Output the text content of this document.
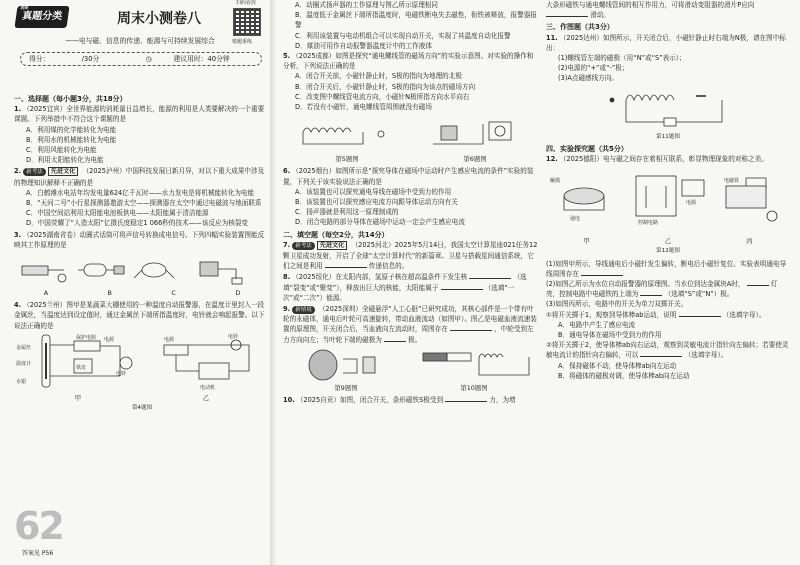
名师
真题分类	周末小测卷八
扫码看放
错题重练
——电与磁、信息的传递、能源与可持续发展综合
得分：　　	/30分	◷	建议用时：40分钟
一、选择题（每小题3分，共18分）
1. （2025宜宾）全世界能源的消耗量日益增长，能源的利用是人类要解决的一个重要课题。下列举措中不符合这个课题的是
A．利用煤的化学能转化为电能
B．利用水的机械能转化为电能
C．利用风能转化为电能
D．利用太阳能转化为电能
2. 新考法 先进文化 （2025泸州）中国科技发展日新月异，对以下重大成果中涉及的物理知识解释不正确的是
A．白鹤滩水电站年均发电量624亿千瓦时——水力发电是将机械能转化为电能
B．“天问二号”小行星探测器遨游太空——探测器在太空中通过电磁波与地面联系
C．中国空间站利用太阳能电池板供电——太阳能属于清洁能源
D．中国荧耀了“人造太阳”亿摄氏度稳定1 066秒的技术——该反应为核裂变
3. （2025湖南省卷）动圈式话筒可将声信号转换成电信号。下列四幅实验装置图能反映其工作原理的是
A	B	C	D
4. （2025兰州）图甲是某蔬菜大棚使用的一种温度自动报警器，在温度计里封入一段金属丝，当温度达到设定值时，通过金属丝下端所指温度时，电铃就会响起报警。以下说法正确的是
保护电阻 电源
电铃
金属丝
水银
温度计
铁皮
电源
电动机
电铃
甲	乙
第4题图
62
答案见 P56
A．动圈式扬声器的工作原理与图乙所示原理相同
B．温度低于金属丝下端所指温度时，电磁铁断电失去磁性，衔铁被释放，报警器报警
C．利用该装置与电动机组合可以实现自动开关，实现了其温度自动化报警
D．煤油可用作自动报警器温度计中的工作液体
5. （2025成都）如图是探究“通电螺线管的磁场方向”的实验示意图。对实验的操作和分析，下列说法正确的是
A．闭合开关前，小磁针静止时，S极的指向为地理的北极
B．闭合开关后，小磁针静止时，S极的指向为该点的磁场方向
C．改变图中螺线管电流方向，小磁针N极所指方向水平向右
D．若没有小磁针，通电螺线管周围就没有磁场
第5题图	第6题图
6. （2025烟台）如图所示是“探究导体在磁场中运动时产生感应电流的条件”实验的装置，下列关于该实验说法正确的是
A．该装置也可以探究通电导线在磁场中受到力的作用
B．该装置也可以探究感应电流方向跟导体运动方向有关
C．扬声器就是利用这一原理制成的
D．闭合电路的部分导体在磁场中运动一定会产生感应电流
二、填空题（每空2分，共14分）
7. 新考法 先进文化 （2025河北）2025年5月14日，我国太空计算星座021任务12颗卫星成功发射，开启了全球“太空计算时代”的新篇章。卫星与搭载星间通信系统，它们之间是利用	传递信息的。
8. （2025绥化）在太阳内部，氢原子核在超高温条件下发生核	（选填“裂变”或“聚变”），释放出巨大的核能，太阳能属于	（选填“一次”或“二次”）能源。
9. 新情境 （2025深圳）全磁悬浮“人工心脏”已研究成功，其核心部件是一个带有叶轮的永磁体，通电后叶轮可高速旋转，带动血液流动（如图甲）。图乙是电磁血液流速装置的原理图，开关闭合后，当血液向左流动时，周围存在	，中轮受到左力方向向左；当叶轮下端的磁极为	极。
第9题图	第10题图
10. （2025自贡）如图，闭合开关，条形磁铁S极受到	力，为增
大条形磁铁与通电螺线管间的相互作用力，可将滑动变阻器的滑片P应向  滑动。
三、作图题（共3分）
11. （2025达州）如图所示，开关闭合后，小磁针静止时右端为N极，请在图中标出：
(1)螺线管左端的磁极（用“N”或“S”表示）；
(2)电源的“+”或“-”极；
(3)A点磁感线方向。
第11题图
四、实验探究题（共5分）
12. （2025德阳）电与磁之间存在着相互联系，彰显物理现象的对称之美。
触摸
通电
控制电路
电源
电磁铁
甲	乙	丙
第12题图
(1)如图甲所示，导线通电后小磁针发生偏转，断电后小磁针复位。实验表明通电导线周围存在
(2)如图乙所示为水位自动报警器的原理图。当水位到达金属块A时，	灯亮，控制电路中电磁铁的上端为	（选填“S”或“N”）极。
(3)如图丙所示，电路中的开关为单刀双掷开关。
①将开关掷于1，观察到导体棒ab运动，说明	（选填字母）。
A．电路中产生了感应电流
B．通电导体在磁场中受到力的作用
②将开关掷于2，使导体棒ab向右运动，观察到灵敏电流计指针向左偏转；若要使灵敏电流计的指针向右偏转，可以	（选填字母）。
A．保持磁体不动，使导体棒ab向左运动
B．将磁体的磁极对调，使导体棒ab向左运动
